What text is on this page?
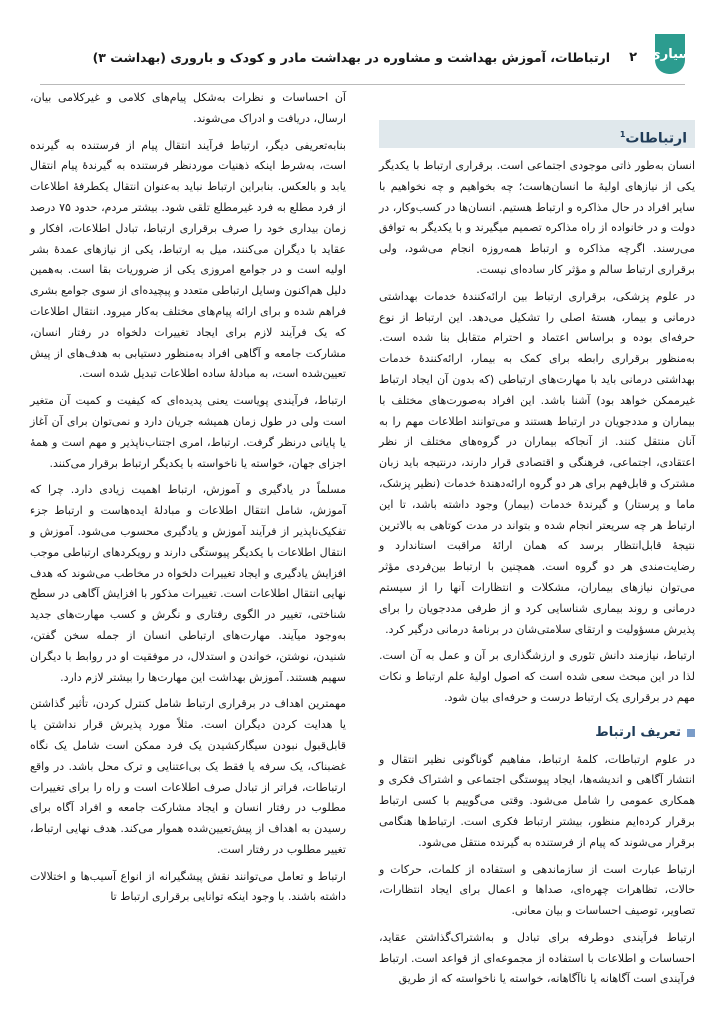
سیاری
۲
ارتباطات، آموزش بهداشت و مشاوره در بهداشت مادر و کودک و باروری (بهداشت ۳)
ارتباطات$^1$

انسان به‌طور ذاتی موجودی اجتماعی است. برقراری ارتباط با یکدیگر یکی از نیازهای اولیهٔ ما انسان‌هاست؛ چه بخواهیم و چه نخواهیم با سایر افراد در حال مذاکره و ارتباط هستیم. انسان‌ها در کسب‌وکار، در دولت و در خانواده از راه مذاکره تصمیم میگیرند و با یکدیگر به توافق می‌رسند. اگرچه مذاکره و ارتباط همه‌روزه انجام می‌شود، ولی برقراری ارتباط سالم و مؤثر کار ساده‌ای نیست.

در علوم پزشکی، برقراری ارتباط بین ارائه‌کنندهٔ خدمات بهداشتی درمانی و بیمار، هستهٔ اصلی را تشکیل می‌دهد. این ارتباط از نوع حرفه‌ای بوده و براساس اعتماد و احترام متقابل بنا شده است. به‌منظور برقراری رابطه برای کمک به بیمار، ارائه‌کنندهٔ خدمات بهداشتی درمانی باید با مهارت‌های ارتباطی (که بدون آن ایجاد ارتباط غیرممکن خواهد بود) آشنا باشد. این افراد به‌صورت‌های مختلف با بیماران و مددجویان در ارتباط هستند و می‌توانند اطلاعات مهم را به آنان منتقل کنند. از آنجاکه بیماران در گروه‌های مختلف از نظر اعتقادی، اجتماعی، فرهنگی و اقتصادی قرار دارند، درنتیجه باید زبان مشترک و قابل‌فهم برای هر دو گروه ارائه‌دهندهٔ خدمات (نظیر پزشک، ماما و پرستار) و گیرندهٔ خدمات (بیمار) وجود داشته باشد، تا این ارتباط هر چه سریعتر انجام شده و بتواند در مدت کوتاهی به بالاترین نتیجهٔ قابل‌انتظار برسد که همان ارائهٔ مراقبت استاندارد و رضایت‌مندی هر دو گروه است. همچنین با ارتباط بین‌فردی مؤثر می‌توان نیازهای بیماران، مشکلات و انتظارات آنها را از سیستم درمانی و روند بیماری شناسایی کرد و از طرفی مددجویان را برای پذیرش مسؤولیت و ارتقای سلامتی‌شان در برنامهٔ درمانی درگیر کرد.

ارتباط، نیازمند دانش تئوری و ارزشگذاری بر آن و عمل به آن است. لذا در این مبحث سعی شده است که اصول اولیهٔ علم ارتباط و نکات مهم در برقراری یک ارتباط درست و حرفه‌ای بیان شود.

تعریف ارتباط

در علوم ارتباطات، کلمهٔ ارتباط، مفاهیم گوناگونی نظیر انتقال و انتشار آگاهی و اندیشه‌ها، ایجاد پیوستگی اجتماعی و اشتراک فکری و همکاری عمومی را شامل می‌شود. وقتی می‌گوییم با کسی ارتباط برقرار کرده‌ایم منظور، بیشتر ارتباط فکری است. ارتباط‌ها هنگامی برقرار می‌شوند که پیام از فرستنده به گیرنده منتقل می‌شود.

ارتباط عبارت است از سازماندهی و استفاده از کلمات، حرکات و حالات، تظاهرات چهره‌ای، صداها و اعمال برای ایجاد انتظارات، تصاویر، توصیف احساسات و بیان معانی.

ارتباط فرآیندی دوطرفه برای تبادل و به‌اشتراک‌گذاشتن عقاید، احساسات و اطلاعات با استفاده از مجموعه‌ای از قواعد است. ارتباط فرآیندی است آگاهانه یا ناآگاهانه، خواسته یا ناخواسته که از طریق

آن احساسات و نظرات به‌شکل پیام‌های کلامی و غیرکلامی بیان، ارسال، دریافت و ادراک می‌شوند.

بنابه‌تعریفی دیگر، ارتباط فرآیند انتقال پیام از فرستنده به گیرنده است، به‌شرط اینکه ذهنیات موردنظر فرستنده به گیرندهٔ پیام انتقال یابد و بالعکس. بنابراین ارتباط نباید به‌عنوان انتقال یکطرفهٔ اطلاعات از فرد مطلع به فرد غیرمطلع تلقی شود. بیشتر مردم، حدود ۷۵ درصد زمان بیداری خود را صرف برقراری ارتباط، تبادل اطلاعات، افکار و عقاید با دیگران می‌کنند، میل به ارتباط، یکی از نیازهای عمدهٔ بشر اولیه است و در جوامع امروزی یکی از ضروریات بقا است. به‌همین دلیل هم‌اکنون وسایل ارتباطی متعدد و پیچیده‌ای از سوی جوامع بشری فراهم شده و برای ارائه پیام‌های مختلف به‌کار میرود. انتقال اطلاعات که یک فرآیند لازم برای ایجاد تغییرات دلخواه در رفتار انسان، مشارکت جامعه و آگاهی افراد به‌منظور دستیابی به هدف‌های از پیش تعیین‌شده است، به مبادلهٔ ساده اطلاعات تبدیل شده است.

ارتباط، فرآیندی پویاست یعنی پدیده‌ای که کیفیت و کمیت آن متغیر است ولی در طول زمان همیشه جریان دارد و نمی‌توان برای آن آغاز یا پایانی درنظر گرفت. ارتباط، امری اجتناب‌ناپذیر و مهم است و همهٔ اجزای جهان، خواسته یا ناخواسته با یکدیگر ارتباط برقرار می‌کنند.

مسلماً در یادگیری و آموزش، ارتباط اهمیت زیادی دارد. چرا که آموزش، شامل انتقال اطلاعات و مبادلهٔ ایده‌هاست و ارتباط جزء تفکیک‌ناپذیر از فرآیند آموزش و یادگیری محسوب می‌شود. آموزش و انتقال اطلاعات با یکدیگر پیوستگی دارند و رویکردهای ارتباطی موجب افزایش یادگیری و ایجاد تغییرات دلخواه در مخاطب می‌شوند که هدف نهایی انتقال اطلاعات است. تغییرات مذکور با افزایش آگاهی در سطح شناختی، تغییر در الگوی رفتاری و نگرش و کسب مهارت‌های جدید به‌وجود میآیند. مهارت‌های ارتباطی انسان از جمله سخن گفتن، شنیدن، نوشتن، خواندن و استدلال، در موفقیت او در روابط با دیگران سهیم هستند. آموزش بهداشت این مهارت‌ها را بیشتر لازم دارد.

مهمترین اهداف در برقراری ارتباط شامل کنترل کردن، تأثیر گذاشتن یا هدایت کردن دیگران است. مثلاً مورد پذیرش قرار نداشتن یا قابل‌قبول نبودن سیگارکشیدن یک فرد ممکن است شامل یک نگاه غضبناک، یک سرفه یا فقط یک بی‌اعتنایی و ترک محل باشد. در واقع ارتباطات، فراتر از تبادل صرف اطلاعات است و راه را برای تغییرات مطلوب در رفتار انسان و ایجاد مشارکت جامعه و افراد آگاه برای رسیدن به اهداف از پیش‌تعیین‌شده هموار می‌کند. هدف نهایی ارتباط، تغییر مطلوب در رفتار است.

ارتباط و تعامل می‌توانند نقش پیشگیرانه از انواع آسیب‌ها و اختلالات داشته باشند. با وجود اینکه توانایی برقراری ارتباط تا
